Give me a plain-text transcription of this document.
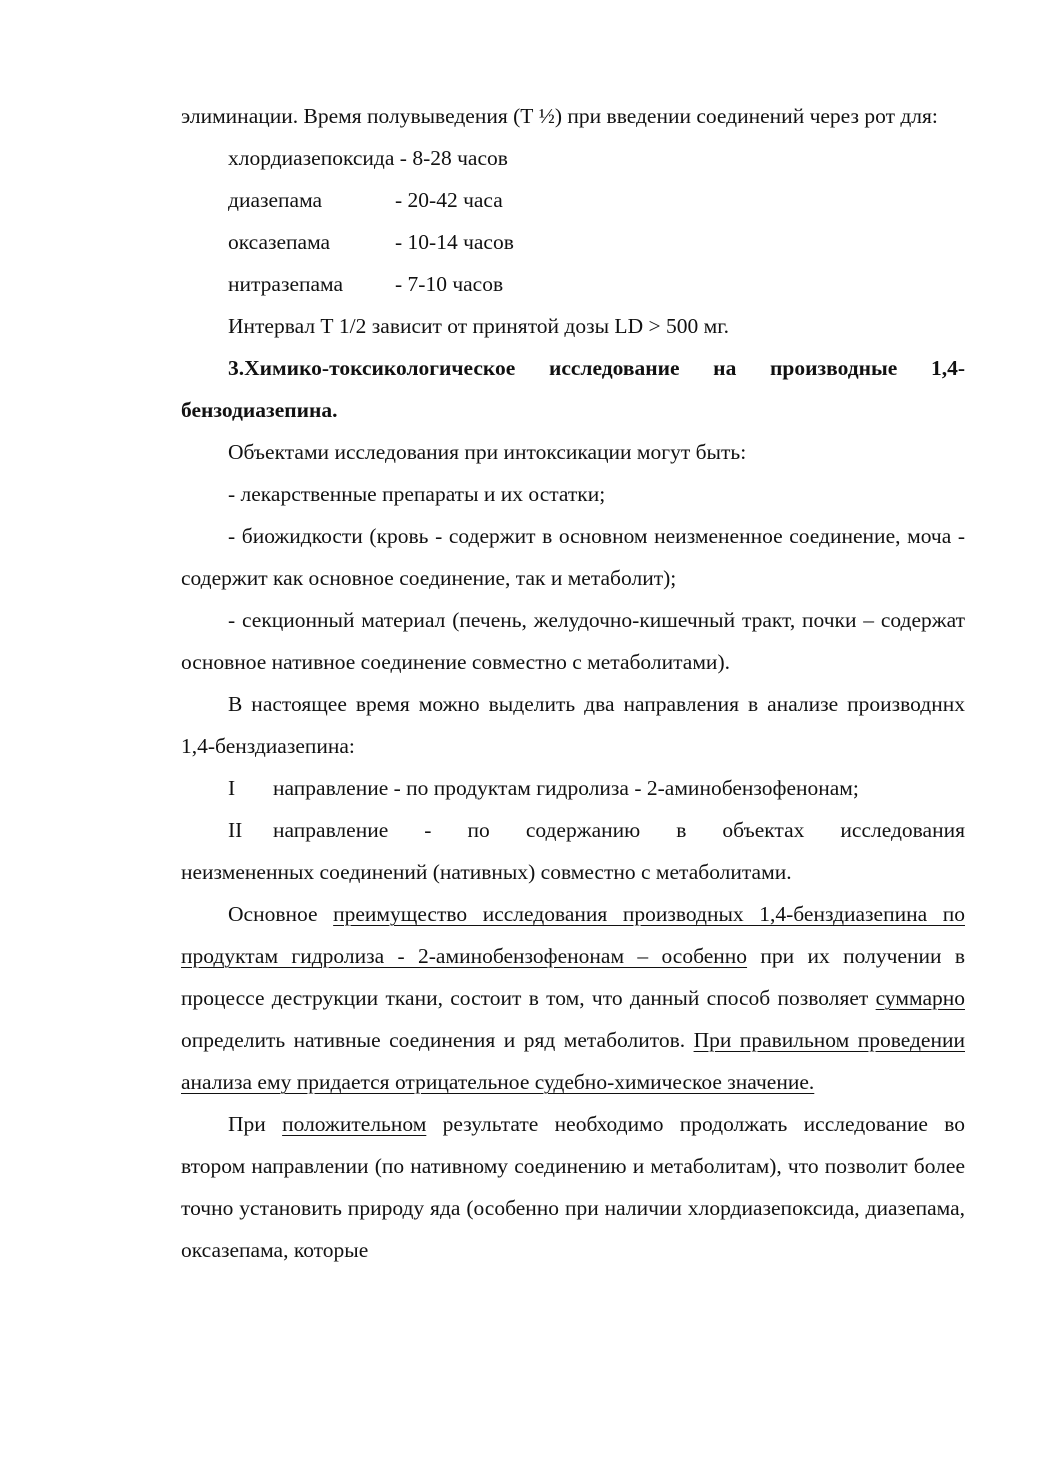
элиминации. Время полувыведения (Т ½) при введении соединений через рот для:

хлордиазепоксида - 8-28 часов

диазепама	- 20-42 часа
оксазепама	- 10-14 часов
нитразепама	- 7-10 часов

Интервал Т 1/2 зависит от принятой дозы LD > 500 мг.

3.Химико-токсикологическое исследование на производные 1,4-бензодиазепина.

Объектами исследования при интоксикации могут быть:

- лекарственные препараты и их остатки;

- биожидкости (кровь - содержит в основном неизмененное соединение, моча - содержит как основное соединение, так и метаболит);

- секционный материал (печень, желудочно-кишечный тракт, почки – содержат основное нативное соединение совместно с метаболитами).

В настоящее время можно выделить два направления в анализе производннх 1,4-бенздиазепина:

I	направление - по продуктам гидролиза - 2-аминобензофенонам;
II	направление - по содержанию в объектах исследования

неизмененных соединений (нативных) совместно с метаболитами.

Основное преимущество исследования производных 1,4-бенздиазепина по продуктам гидролиза - 2-аминобензофенонам – особенно при их получении в процессе деструкции ткани, состоит в том, что данный способ позволяет суммарно определить нативные соединения и ряд метаболитов. При правильном проведении анализа ему придается отрицательное судебно-химическое значение.

При положительном результате необходимо продолжать исследование во втором направлении (по нативному соединению и метаболитам), что позволит более точно установить природу яда (особенно при наличии хлордиазепоксида, диазепама, оксазепама, которые
